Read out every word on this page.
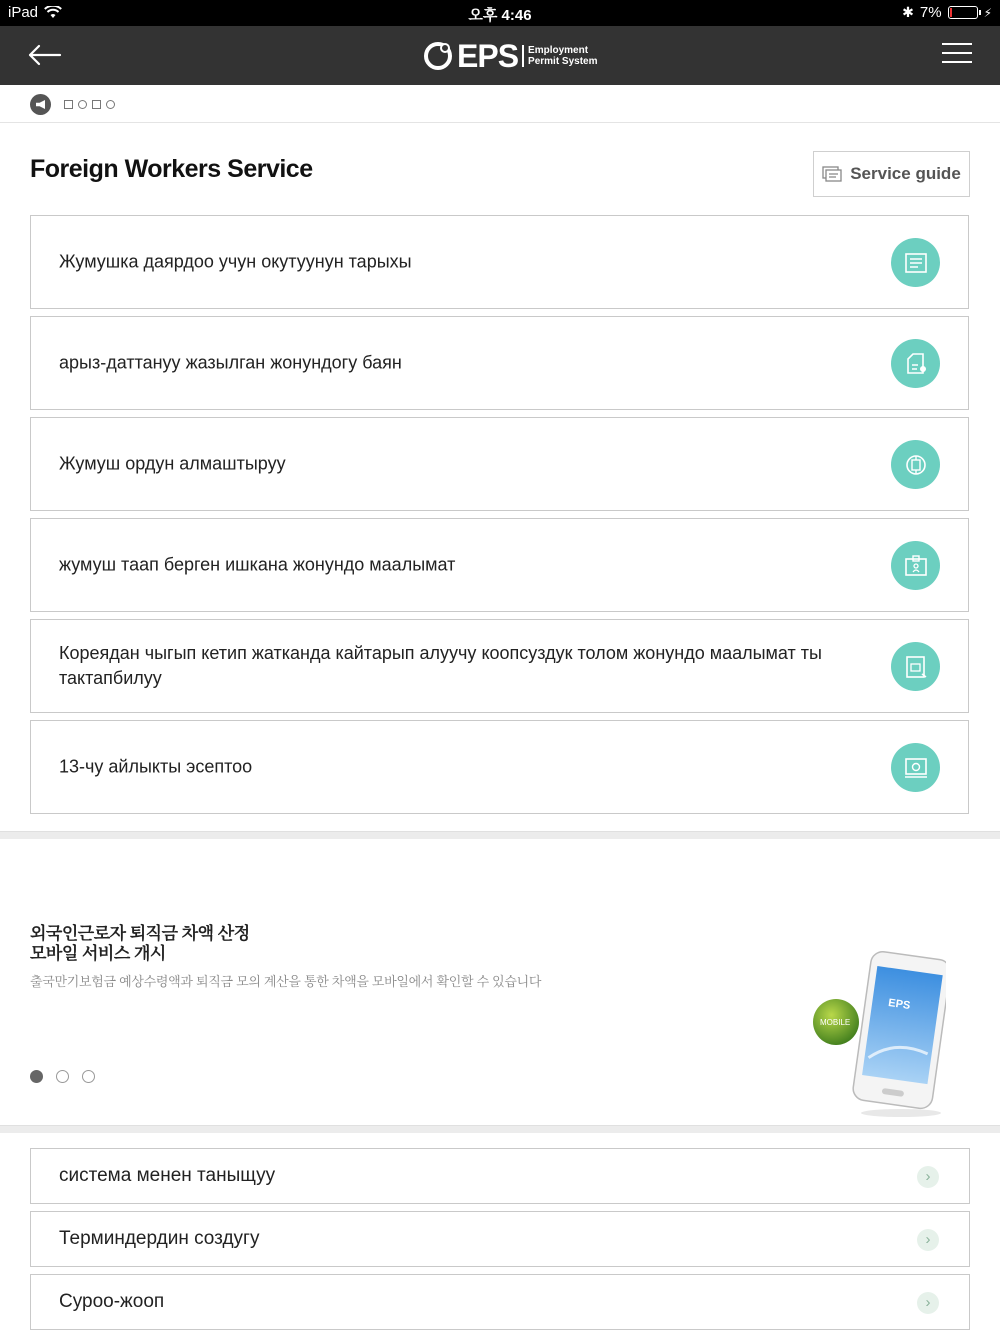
iPad	오후 4:46	✱ 7%	⚡
EPS	Employment
Permit System
Foreign Workers Service	Service guide
Жумушка даярдоо учун окутуунун тарыхы
арыз-даттануу жазылган жонундогу баян
Жумуш ордун алмаштыруу
жумуш таап берген ишкана жонундо маалымат
Корeядан чыгып кетип жатканда кайтарып алуучу коопсуздук толом жонундо маалымат ты тактапбилуу
13-чу айлыкты эсептоо
외국인근로자 퇴직금 차액 산정
모바일 서비스 개시
출국만기보험금 예상수령액과 퇴직금 모의 계산을 통한 차액을 모바일에서 확인할 수 있습니다
EPS
MOBILE
система менен таныщуу	›
Терминдердин создугу	›
Суроо-жооп	›
